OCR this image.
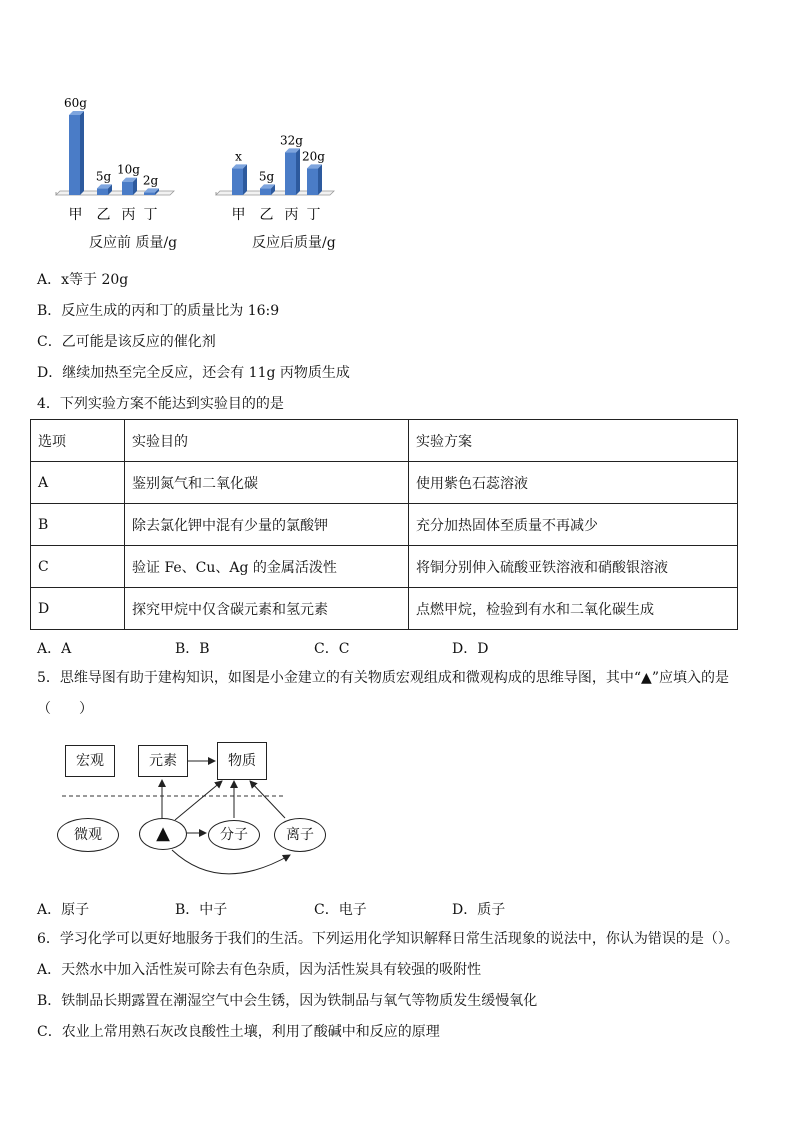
60g
甲
5g
乙
10g
丙
2g
丁
反应前 质量/g
x
甲
5g
乙
32g
丙
20g
丁
反应后质量/g
A．x等于 20g
B．反应生成的丙和丁的质量比为 16:9
C．乙可能是该反应的催化剂
D．继续加热至完全反应，还会有 11g 丙物质生成
4．下列实验方案不能达到实验目的的是
选项	实验目的	实验方案
A	鉴别氮气和二氧化碳	使用紫色石蕊溶液
B	除去氯化钾中混有少量的氯酸钾	充分加热固体至质量不再减少
C	验证 Fe、Cu、Ag 的金属活泼性	将铜分别伸入硫酸亚铁溶液和硝酸银溶液
D	探究甲烷中仅含碳元素和氢元素	点燃甲烷，检验到有水和二氧化碳生成
A．A	B．B	C．C	D．D
5．思维导图有助于建构知识，如图是小金建立的有关物质宏观组成和微观构成的思维导图，其中“▲”应填入的是
（　　）
宏观	元素	物质
微观	▲	分子	离子
A．原子	B．中子	C．电子	D．质子
6．学习化学可以更好地服务于我们的生活。下列运用化学知识解释日常生活现象的说法中，你认为错误的是（）。
A．天然水中加入活性炭可除去有色杂质，因为活性炭具有较强的吸附性
B．铁制品长期露置在潮湿空气中会生锈，因为铁制品与氧气等物质发生缓慢氧化
C．农业上常用熟石灰改良酸性土壤，利用了酸碱中和反应的原理
